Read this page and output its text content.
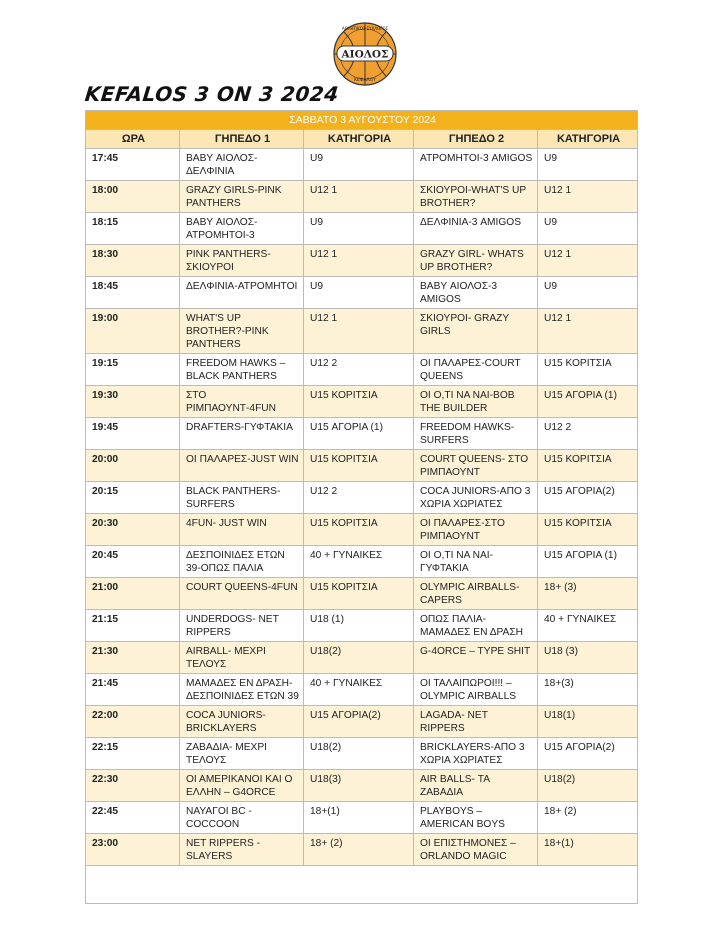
ΑΙΟΛΟΣ
ΑΘΛΗΤΙΚΟΣ ΣΥΛΛΟΓΟΣ
ΚΕΦΑΛΟΥ
KEFALOS 3 ON 3 2024
ΣΑΒΒΑΤΟ 3 ΑΥΓΟΥΣΤΟΥ 2024				
ΩΡΑ	ΓΗΠΕΔΟ 1	ΚΑΤΗΓΟΡΙΑ	ΓΗΠΕΔΟ 2	ΚΑΤΗΓΟΡΙΑ
17:45	BABY ΑΙΟΛΟΣ-ΔΕΛΦΙΝΙΑ	U9	ΑΤΡΟΜΗΤΟΙ-3 AMIGOS	U9
18:00	GRAZY GIRLS-PINK PANTHERS	U12 1	ΣΚΙΟΥΡΟΙ-WHAT'S UP BROTHER?	U12 1
18:15	BABY ΑΙΟΛΟΣ-ΑΤΡΟΜΗΤΟΙ-3	U9	ΔΕΛΦΙΝΙΑ-3 AMIGOS	U9
18:30	PINK PANTHERS-ΣΚΙΟΥΡΟΙ	U12 1	GRAZY GIRL- WHATS UP BROTHER?	U12 1
18:45	ΔΕΛΦΙΝΙΑ-ΑΤΡΟΜΗΤΟΙ	U9	BABY ΑΙΟΛΟΣ-3 AMIGOS	U9
19:00	WHAT'S UP BROTHER?-PINK PANTHERS	U12 1	ΣΚΙΟΥΡΟΙ- GRAZY GIRLS	U12 1
19:15	FREEDOM HAWKS – BLACK PANTHERS	U12 2	ΟΙ ΠΑΛΑΡΕΣ-COURT QUEENS	U15 ΚΟΡΙΤΣΙΑ
19:30	ΣΤΟ ΡΙΜΠΑΟΥΝΤ-4FUN	U15 ΚΟΡΙΤΣΙΑ	ΟΙ Ο,ΤΙ ΝΑ ΝΑΙ-BOB THE BUILDER	U15 ΑΓΟΡΙΑ (1)
19:45	DRAFTERS-ΓΥΦΤΑΚΙΑ	U15 ΑΓΟΡΙΑ (1)	FREEDOM HAWKS-SURFERS	U12 2
20:00	ΟΙ ΠΑΛΑΡΕΣ-JUST WIN	U15 ΚΟΡΙΤΣΙΑ	COURT QUEENS- ΣΤΟ ΡΙΜΠΑΟΥΝΤ	U15 ΚΟΡΙΤΣΙΑ
20:15	BLACK PANTHERS-SURFERS	U12 2	COCA JUNIORS-ΑΠΟ 3 ΧΩΡΙΑ ΧΩΡΙΑΤΕΣ	U15 ΑΓΟΡΙΑ(2)
20:30	4FUN- JUST WIN	U15 ΚΟΡΙΤΣΙΑ	ΟΙ ΠΑΛΑΡΕΣ-ΣΤΟ ΡΙΜΠΑΟΥΝΤ	U15 ΚΟΡΙΤΣΙΑ
20:45	ΔΕΣΠΟΙΝΙΔΕΣ ΕΤΩΝ 39-ΟΠΩΣ ΠΑΛΙΑ	40 + ΓΥΝΑΙΚΕΣ	ΟΙ Ο,ΤΙ ΝΑ ΝΑΙ-ΓΥΦΤΑΚΙΑ	U15 ΑΓΟΡΙΑ (1)
21:00	COURT QUEENS-4FUN	U15 ΚΟΡΙΤΣΙΑ	OLYMPIC AIRBALLS-CAPERS	18+ (3)
21:15	UNDERDOGS- NET RIPPERS	U18 (1)	ΟΠΩΣ ΠΑΛΙΑ-ΜΑΜΑΔΕΣ ΕΝ ΔΡΑΣΗ	40 + ΓΥΝΑΙΚΕΣ
21:30	AIRBALL- ΜΕΧΡΙ ΤΕΛΟΥΣ	U18(2)	G-4ORCE – TYPE SHIT	U18 (3)
21:45	ΜΑΜΑΔΕΣ ΕΝ ΔΡΑΣΗ-ΔΕΣΠΟΙΝΙΔΕΣ ΕΤΩΝ 39	40 + ΓΥΝΑΙΚΕΣ	ΟΙ ΤΑΛΑΙΠΩΡΟΙ!!! – OLYMPIC AIRBALLS	18+(3)
22:00	COCA JUNIORS-BRICKLAYERS	U15 ΑΓΟΡΙΑ(2)	LAGADA- NET RIPPERS	U18(1)
22:15	ΖΑΒΑΔΙΑ- ΜΕΧΡΙ ΤΕΛΟΥΣ	U18(2)	BRICKLAYERS-ΑΠΟ 3 ΧΩΡΙΑ ΧΩΡΙΑΤΕΣ	U15 ΑΓΟΡΙΑ(2)
22:30	ΟΙ ΑΜΕΡΙΚΑΝΟΙ ΚΑΙ Ο ΕΛΛΗΝ – G4ORCE	U18(3)	AIR BALLS- ΤΑ ΖΑΒΑΔΙΑ	U18(2)
22:45	ΝΑΥΑΓΟΙ BC -COCCOON	18+(1)	PLAYBOYS – AMERICAN BOYS	18+ (2)
23:00	NET RIPPERS - SLAYERS	18+ (2)	ΟΙ ΕΠΙΣΤΗΜΟΝΕΣ – ORLANDO MAGIC	18+(1)
